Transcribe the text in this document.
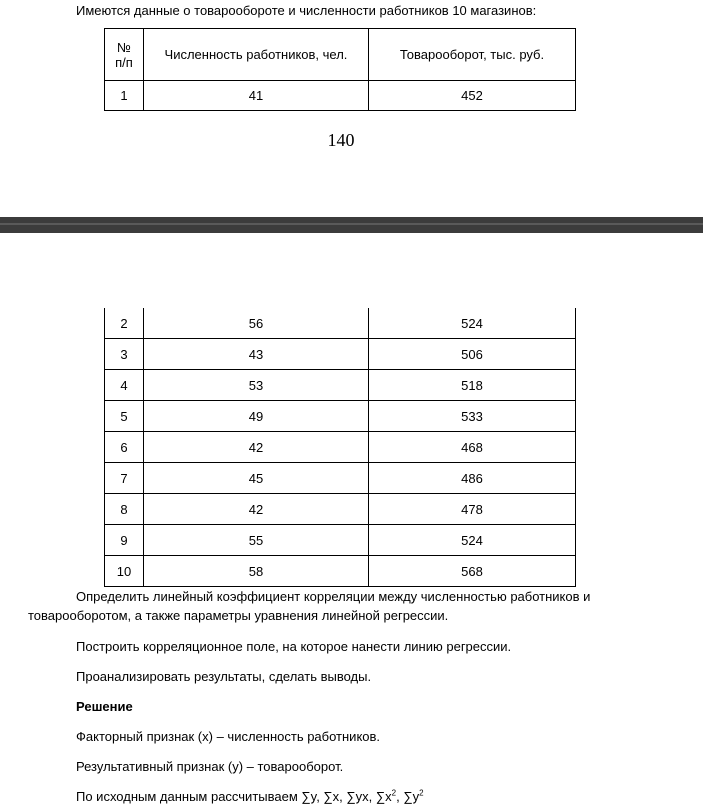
Имеются данные о товарообороте и численности работников 10 магазинов:
№
п/п	Численность работников, чел.	Товарооборот, тыс. руб.
1	41	452
140
2	56	524
3	43	506
4	53	518
5	49	533
6	42	468
7	45	486
8	42	478
9	55	524
10	58	568
Определить линейный коэффициент корреляции между численностью работников и
товарооборотом, а также параметры уравнения линейной регрессии.
Построить корреляционное поле, на которое нанести линию регрессии.
Проанализировать результаты, сделать выводы.
Решение
Факторный признак (x) – численность работников.
Результативный признак (y) – товарооборот.
По исходным данным рассчитываем ∑y, ∑x, ∑yx, $\sum x^2$, $\sum y^2$
